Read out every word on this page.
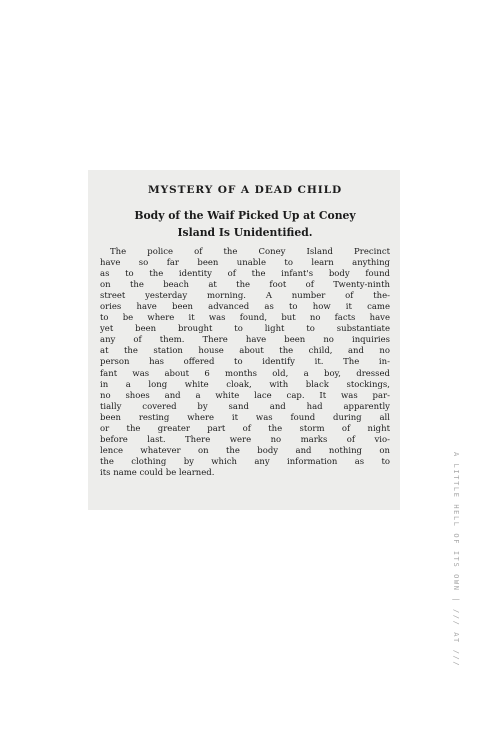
MYSTERY OF A DEAD CHILD
Body of the Waif Picked Up at Coney
Island Is Unidentified.

The police of the Coney Island Precinct

have so far been unable to learn anything

as to the identity of the infant's body found

on the beach at the foot of Twenty-ninth

street yesterday morning. A number of the-

ories have been advanced as to how it came

to be where it was found, but no facts have

yet been brought to light to substantiate

any of them. There have been no inquiries

at the station house about the child, and no

person has offered to identify it. The in-

fant was about 6 months old, a boy, dressed

in a long white cloak, with black stockings,

no shoes and a white lace cap. It was par-

tially covered by sand and had apparently

been resting where it was found during all

or the greater part of the storm of night

before last. There were no marks of vio-

lence whatever on the body and nothing on

the clothing by which any information as to

its name could be learned.	A LITTLE HELL OF ITS OWN | /// AT ///
